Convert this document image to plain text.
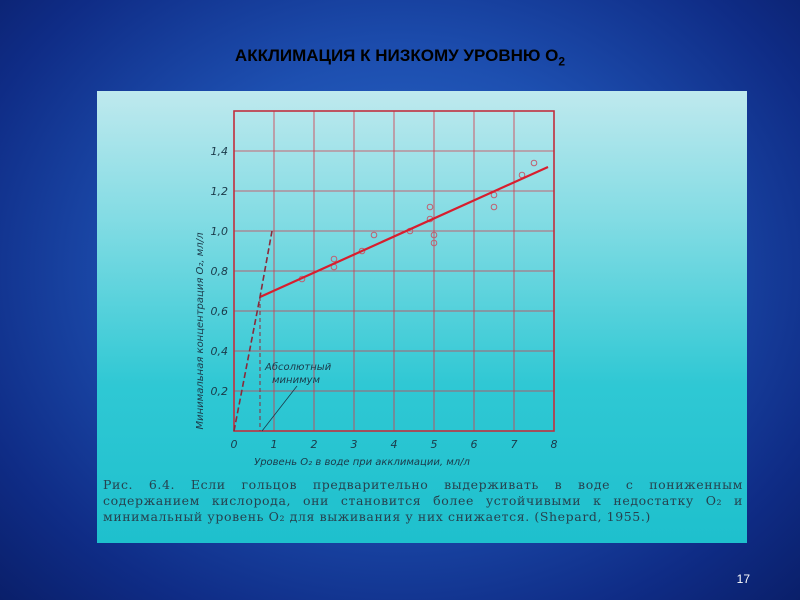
АККЛИМАЦИЯ К НИЗКОМУ УРОВНЮ $О_2$
0	1	2	3	4	5	6	7	8
0,2
0,4
0,6
0,8
1,0
1,2
1,4
Минимальная концентрация О₂, мл/л
Уровень О₂ в воде при акклимации, мл/л
Абсолютный
минимум
Рис. 6.4. Если гольцов предварительно выдерживать в воде с пониженным содержанием кислорода, они становится более устойчивыми к недостатку О₂ и минимальный уровень О₂ для выживания у них снижается. (Shepard, 1955.)
17
